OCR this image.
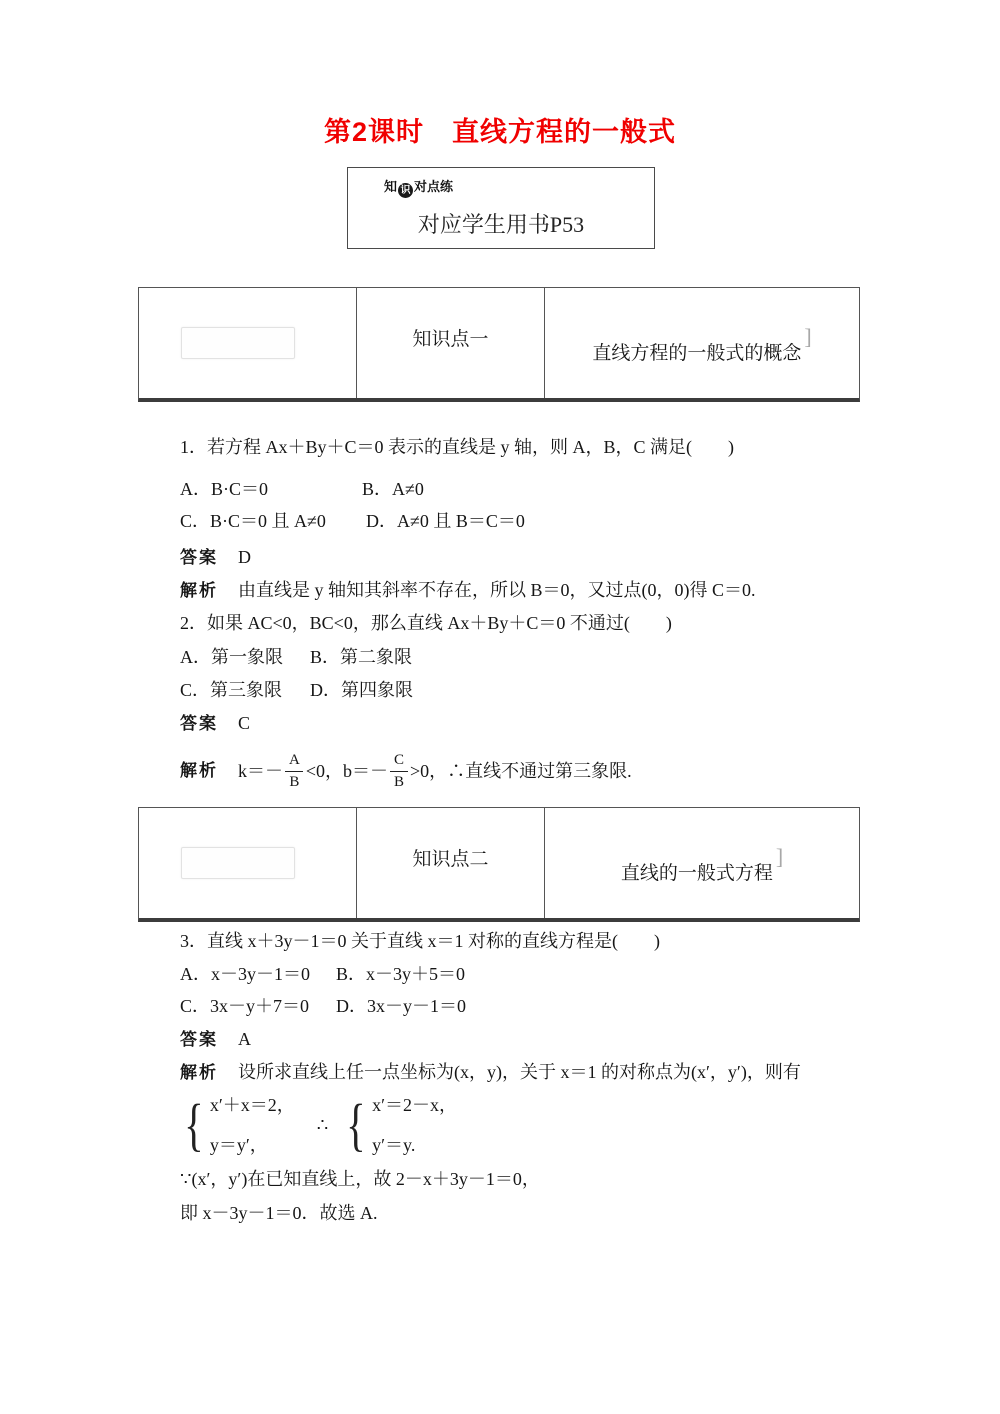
第2课时　直线方程的一般式
知 识 对点练
对应学生用书P53
知识点一
直线方程的一般式的概念
]
1．若方程 Ax＋By＋C＝0 表示的直线是 y 轴，则 A，B，C 满足(　　)
A．B·C＝0	B．A≠0
C．B·C＝0 且 A≠0 D．A≠0 且 B＝C＝0
答案 D
解析 由直线是 y 轴知其斜率不存在，所以 B＝0，又过点(0，0)得 C＝0.
2．如果 AC<0，BC<0，那么直线 Ax＋By＋C＝0 不通过(　　)
A．第一象限 B．第二象限
C．第三象限 D．第四象限
答案 C
解析 $k=- \frac{A}{B} <0$，$b=- \frac{C}{B} >0$，∴直线不通过第三象限.
知识点二
直线的一般式方程
]
3．直线 x＋3y－1＝0 关于直线 x＝1 对称的直线方程是(　　)
A．x－3y－1＝0 B．x－3y＋5＝0
C．3x－y＋7＝0 D．3x－y－1＝0
答案 A
解析 设所求直线上任一点坐标为(x，y)，关于 x＝1 的对称点为(x′，y′)，则有
{ x′＋x＝2，
y＝y′，
∴ { x′＝2－x，
y′＝y.
∵(x′，y′)在已知直线上，故 2－x＋3y－1＝0，
即 x－3y－1＝0．故选 A.
